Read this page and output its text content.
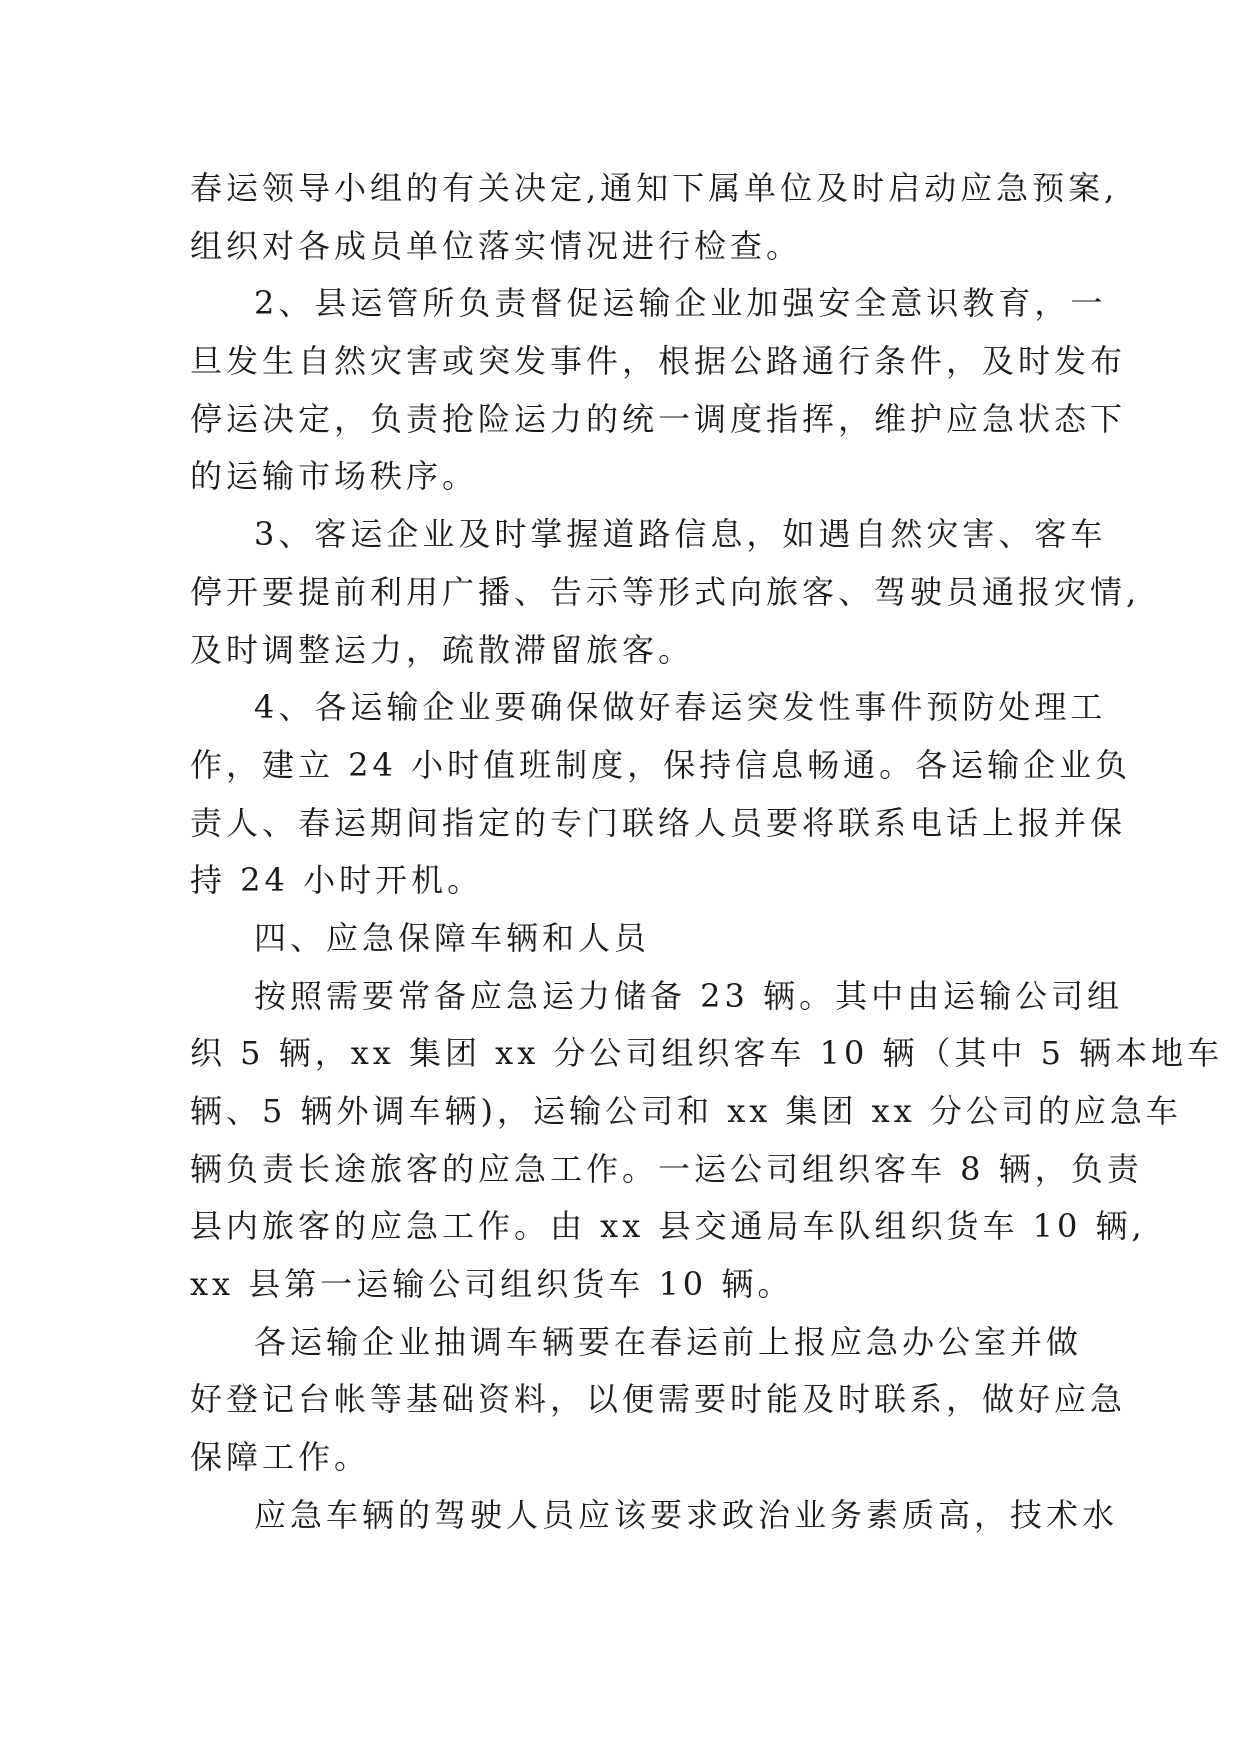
春运领导小组的有关决定,通知下属单位及时启动应急预案,
组织对各成员单位落实情况进行检查。
2、县运管所负责督促运输企业加强安全意识教育，一
旦发生自然灾害或突发事件，根据公路通行条件，及时发布
停运决定，负责抢险运力的统一调度指挥，维护应急状态下
的运输市场秩序。
3、客运企业及时掌握道路信息，如遇自然灾害、客车
停开要提前利用广播、告示等形式向旅客、驾驶员通报灾情,
及时调整运力，疏散滞留旅客。
4、各运输企业要确保做好春运突发性事件预防处理工
作，建立 24 小时值班制度，保持信息畅通。各运输企业负
责人、春运期间指定的专门联络人员要将联系电话上报并保
持 24 小时开机。
四、应急保障车辆和人员
按照需要常备应急运力储备 23 辆。其中由运输公司组
织 5 辆，xx 集团 xx 分公司组织客车 10 辆（其中 5 辆本地车
辆、5 辆外调车辆)，运输公司和 xx 集团 xx 分公司的应急车
辆负责长途旅客的应急工作。一运公司组织客车 8 辆，负责
县内旅客的应急工作。由 xx 县交通局车队组织货车 10 辆,
xx 县第一运输公司组织货车 10 辆。
各运输企业抽调车辆要在春运前上报应急办公室并做
好登记台帐等基础资料，以便需要时能及时联系，做好应急
保障工作。
应急车辆的驾驶人员应该要求政治业务素质高，技术水
